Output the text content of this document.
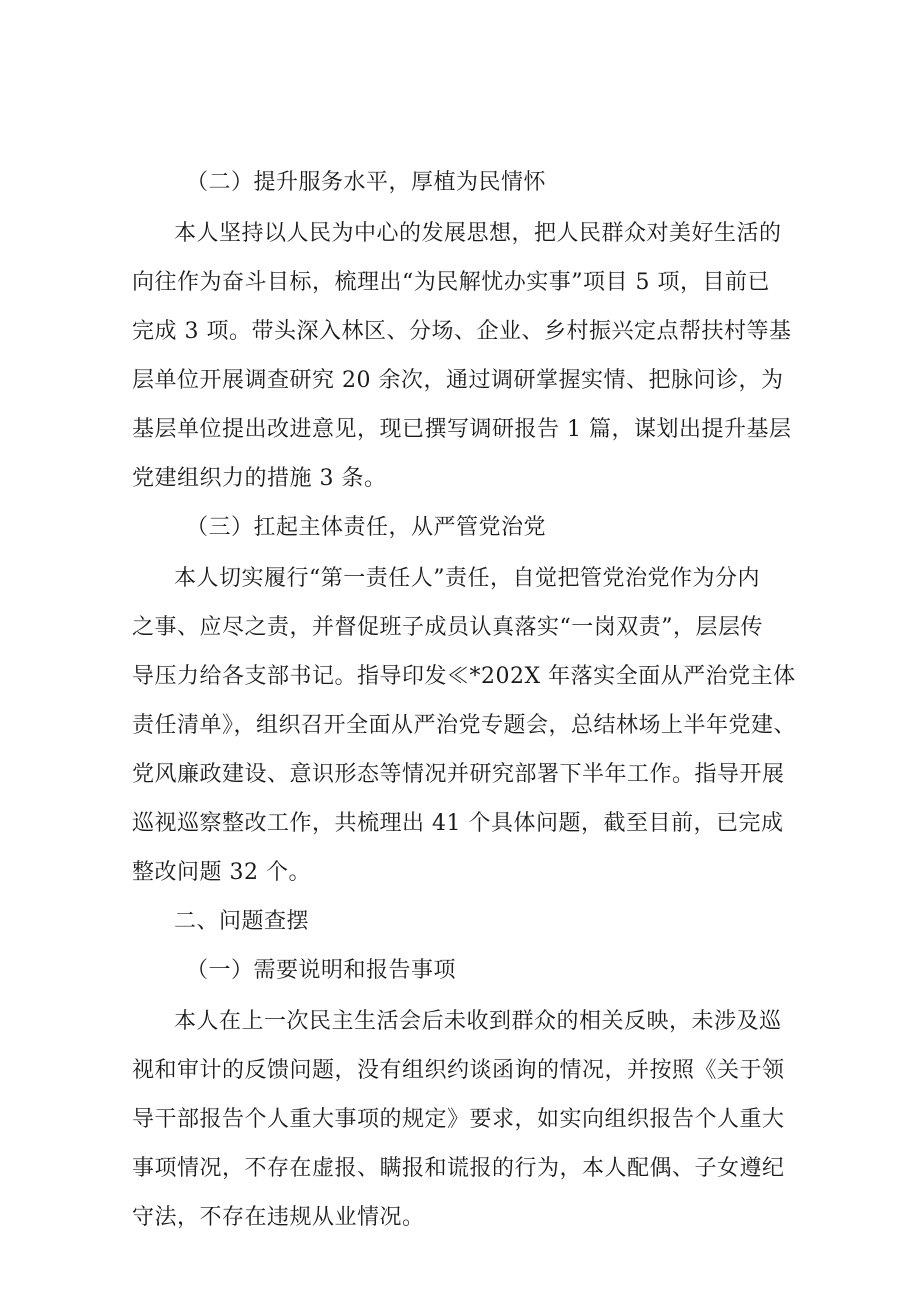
（二）提升服务水平，厚植为民情怀
本人坚持以人民为中心的发展思想，把人民群众对美好生活的
向往作为奋斗目标，梳理出“为民解忧办实事”项目 5 项，目前已
完成 3 项。带头深入林区、分场、企业、乡村振兴定点帮扶村等基
层单位开展调查研究 20 余次，通过调研掌握实情、把脉问诊，为
基层单位提出改进意见，现已撰写调研报告 1 篇，谋划出提升基层
党建组织力的措施 3 条。
（三）扛起主体责任，从严管党治党
本人切实履行“第一责任人”责任，自觉把管党治党作为分内
之事、应尽之责，并督促班子成员认真落实“一岗双责”，层层传
导压力给各支部书记。指导印发≪*202X 年落实全面从严治党主体
责任清单》，组织召开全面从严治党专题会，总结林场上半年党建、
党风廉政建设、意识形态等情况并研究部署下半年工作。指导开展
巡视巡察整改工作，共梳理出 41 个具体问题，截至目前，已完成
整改问题 32 个。
二、问题查摆
（一）需要说明和报告事项
本人在上一次民主生活会后未收到群众的相关反映，未涉及巡
视和审计的反馈问题，没有组织约谈函询的情况，并按照《关于领
导干部报告个人重大事项的规定》要求，如实向组织报告个人重大
事项情况，不存在虚报、瞒报和谎报的行为，本人配偶、子女遵纪
守法，不存在违规从业情况。
